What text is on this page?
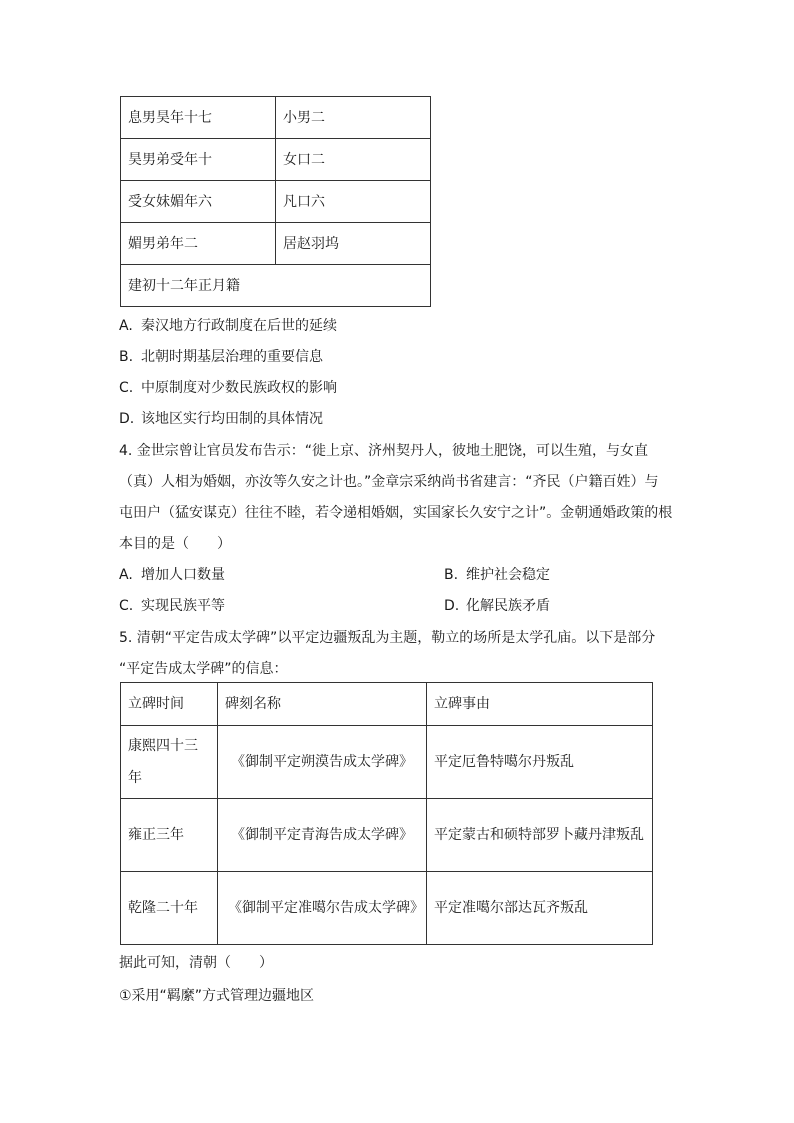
息男昊年十七	小男二
昊男弟受年十	女口二
受女妹媚年六	凡口六
媚男弟年二	居赵羽坞
建初十二年正月籍	
A. 秦汉地方行政制度在后世的延续
B. 北朝时期基层治理的重要信息
C. 中原制度对少数民族政权的影响
D. 该地区实行均田制的具体情况
4. 金世宗曾让官员发布告示：“徙上京、济州契丹人，彼地土肥饶，可以生殖，与女直
（真）人相为婚姻，亦汝等久安之计也。”金章宗采纳尚书省建言：“齐民（户籍百姓）与
屯田户（猛安谋克）往往不睦，若令递相婚姻，实国家长久安宁之计”。金朝通婚政策的根
本目的是（　　）
A. 增加人口数量	B. 维护社会稳定
C. 实现民族平等	D. 化解民族矛盾
5. 清朝“平定告成太学碑”以平定边疆叛乱为主题，勒立的场所是太学孔庙。以下是部分
“平定告成太学碑”的信息：
立碑时间	碑刻名称	立碑事由
康熙四十三年	《御制平定朔漠告成太学碑》	平定厄鲁特噶尔丹叛乱
雍正三年	《御制平定青海告成太学碑》	平定蒙古和硕特部罗卜藏丹津叛乱
乾隆二十年	《御制平定准噶尔告成太学碑》	平定准噶尔部达瓦齐叛乱
据此可知，清朝（　　）
①采用“羁縻”方式管理边疆地区
